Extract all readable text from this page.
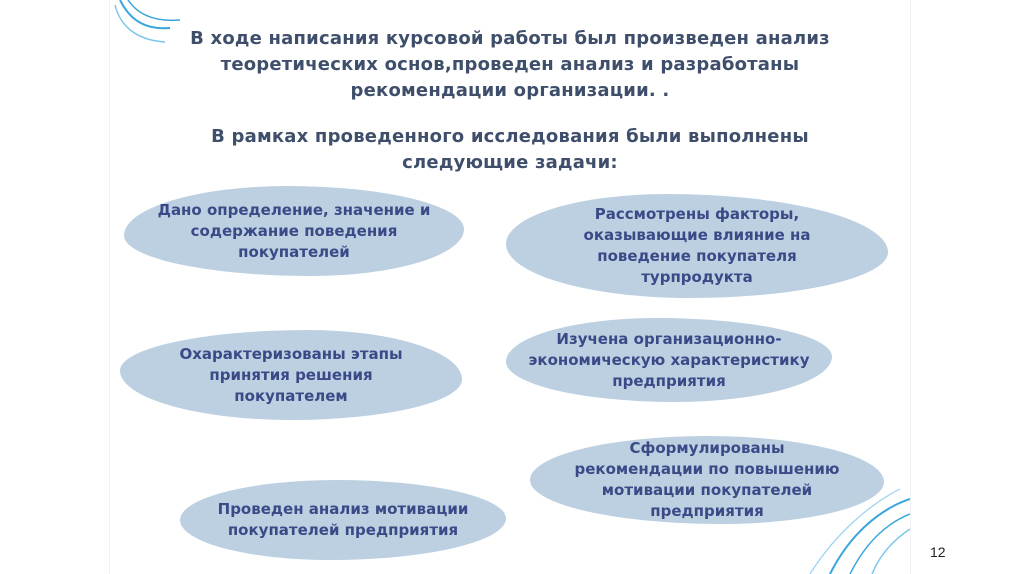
В ходе написания курсовой работы был произведен анализ
теоретических основ,проведен анализ и разработаны
рекомендации организации. .
В рамках проведенного исследования были выполнены
следующие задачи:
Дано определение, значение и
содержание поведения
покупателей
Рассмотрены факторы,
оказывающие влияние на
поведение покупателя
турпродукта
Охарактеризованы этапы
принятия решения
покупателем
Изучена организационно-
экономическую характеристику
предприятия
Сформулированы
рекомендации по повышению
мотивации покупателей
предприятия
Проведен анализ мотивации
покупателей предприятия
12
